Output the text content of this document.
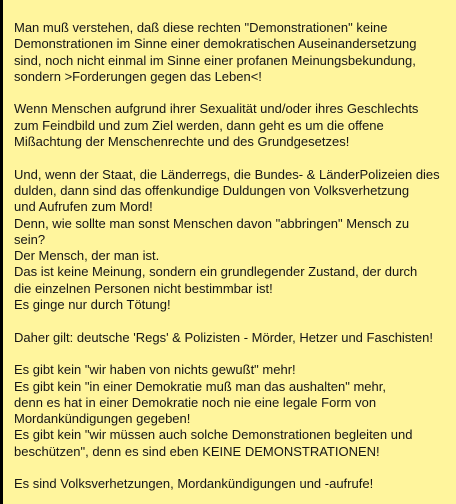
Man muß verstehen, daß diese rechten "Demonstrationen" keine
Demonstrationen im Sinne einer demokratischen Auseinandersetzung
sind, noch nicht einmal im Sinne einer profanen Meinungsbekundung,
sondern >Forderungen gegen das Leben<!
Wenn Menschen aufgrund ihrer Sexualität und/oder ihres Geschlechts
zum Feindbild und zum Ziel werden, dann geht es um die offene
Mißachtung der Menschenrechte und des Grundgesetzes!
Und, wenn der Staat, die Länderregs, die Bundes- & LänderPolizeien dies
dulden, dann sind das offenkundige Duldungen von Volksverhetzung
und Aufrufen zum Mord!
Denn, wie sollte man sonst Menschen davon "abbringen" Mensch zu
sein?
Der Mensch, der man ist.
Das ist keine Meinung, sondern ein grundlegender Zustand, der durch
die einzelnen Personen nicht bestimmbar ist!
Es ginge nur durch Tötung!
Daher gilt: deutsche 'Regs' & Polizisten - Mörder, Hetzer und Faschisten!
Es gibt kein "wir haben von nichts gewußt" mehr!
Es gibt kein "in einer Demokratie muß man das aushalten" mehr,
denn es hat in einer Demokratie noch nie eine legale Form von
Mordankündigungen gegeben!
Es gibt kein "wir müssen auch solche Demonstrationen begleiten und
beschützen", denn es sind eben KEINE DEMONSTRATIONEN!
Es sind Volksverhetzungen, Mordankündigungen und -aufrufe!
